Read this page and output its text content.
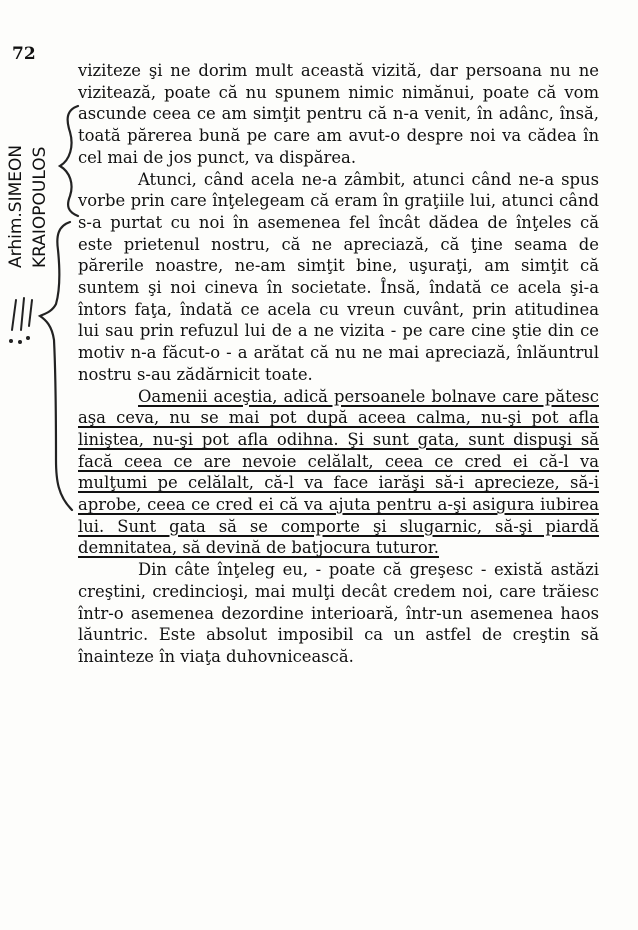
72
Arhim.SIMEON KRAIOPOULOS

viziteze şi ne dorim mult această vizită, dar persoana nu ne vizitează, poate că nu spunem nimic nimănui, poate că vom ascunde ceea ce am simţit pentru că n-a venit, în adânc, însă, toată părerea bună pe care am avut-o despre noi va cădea în cel mai de jos punct, va dispărea.

Atunci, când acela ne-a zâmbit, atunci când ne-a spus vorbe prin care înţelegeam că eram în graţiile lui, atunci când s-a purtat cu noi în asemenea fel încât dădea de înţeles că este prietenul nostru, că ne apreciază, că ţine seama de părerile noastre, ne-am simţit bine, uşuraţi, am simţit că suntem şi noi cineva în societate. Însă, îndată ce acela şi-a întors faţa, îndată ce acela cu vreun cuvânt, prin atitudinea lui sau prin refuzul lui de a ne vizita - pe care cine ştie din ce motiv n-a făcut-o - a arătat că nu ne mai apreciază, înlăuntrul nostru s-au zădărnicit toate.

Oamenii aceştia, adică persoanele bolnave care pătesc aşa ceva, nu se mai pot după aceea calma, nu-şi pot afla liniştea, nu-şi pot afla odihna. Şi sunt gata, sunt dispuşi să facă ceea ce are nevoie celălalt, ceea ce cred ei că-l va mulţumi pe celălalt, că-l va face iarăşi să-i aprecieze, să-i aprobe, ceea ce cred ei că va ajuta pentru a-şi asigura iubirea lui. Sunt gata să se comporte şi slugarnic, să-şi piardă demnitatea, să devină de batjocura tuturor.

Din câte înţeleg eu, - poate că greşesc - există astăzi creştini, credincioşi, mai mulţi decât credem noi, care trăiesc într-o asemenea dezordine interioară, într-un asemenea haos lăuntric. Este absolut imposibil ca un astfel de creştin să înainteze în viaţa duhovnicească.
